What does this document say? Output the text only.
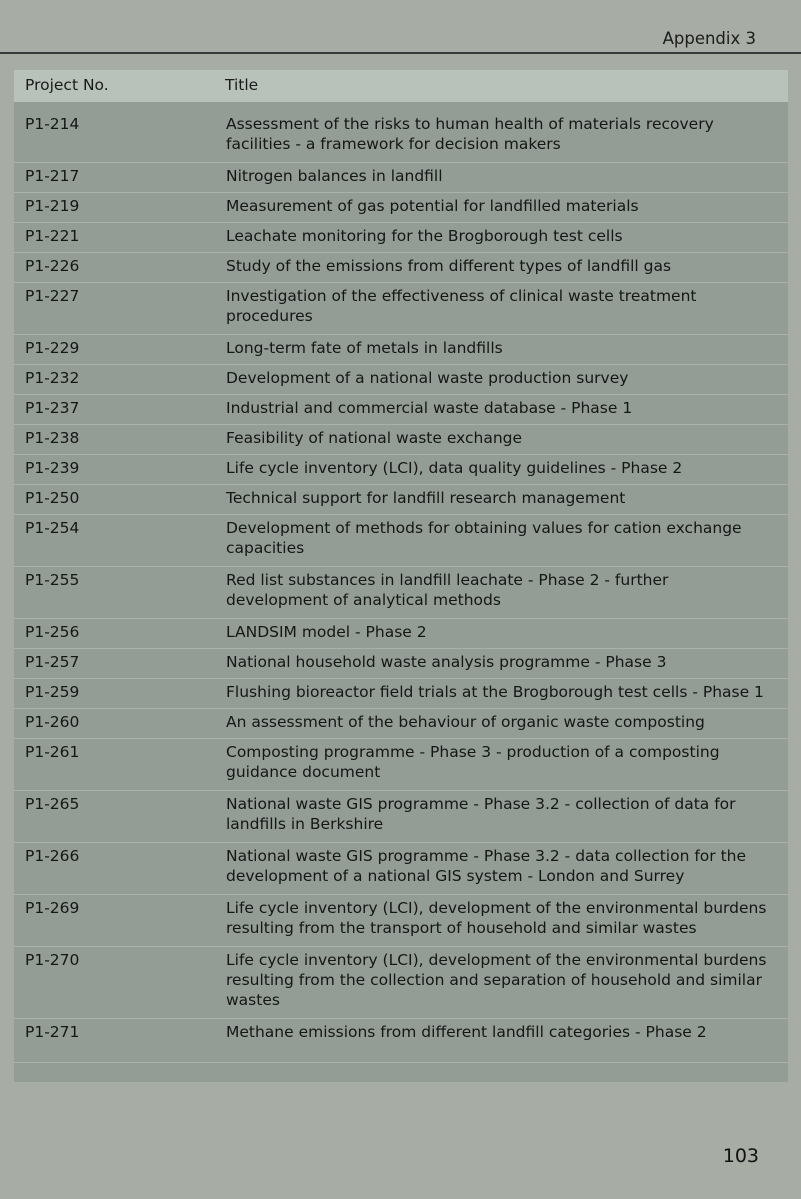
Appendix 3
Project No.	Title
P1-214	Assessment of the risks to human health of materials recovery facilities - a framework for decision makers
P1-217	Nitrogen balances in landfill
P1-219	Measurement of gas potential for landfilled materials
P1-221	Leachate monitoring for the Brogborough test cells
P1-226	Study of the emissions from different types of landfill gas
P1-227	Investigation of the effectiveness of clinical waste treatment procedures
P1-229	Long-term fate of metals in landfills
P1-232	Development of a national waste production survey
P1-237	Industrial and commercial waste database - Phase 1
P1-238	Feasibility of national waste exchange
P1-239	Life cycle inventory (LCI), data quality guidelines - Phase 2
P1-250	Technical support for landfill research management
P1-254	Development of methods for obtaining values for cation exchange capacities
P1-255	Red list substances in landfill leachate - Phase 2 - further development of analytical methods
P1-256	LANDSIM model - Phase 2
P1-257	National household waste analysis programme - Phase 3
P1-259	Flushing bioreactor field trials at the Brogborough test cells - Phase 1
P1-260	An assessment of the behaviour of organic waste composting
P1-261	Composting programme - Phase 3 - production of a composting guidance document
P1-265	National waste GIS programme - Phase 3.2 - collection of data for landfills in Berkshire
P1-266	National waste GIS programme - Phase 3.2 - data collection for the development of a national GIS system - London and Surrey
P1-269	Life cycle inventory (LCI), development of the environmental burdens resulting from the transport of household and similar wastes
P1-270	Life cycle inventory (LCI), development of the environmental burdens resulting from the collection and separation of household and similar wastes
P1-271	Methane emissions from different landfill categories - Phase 2
103
